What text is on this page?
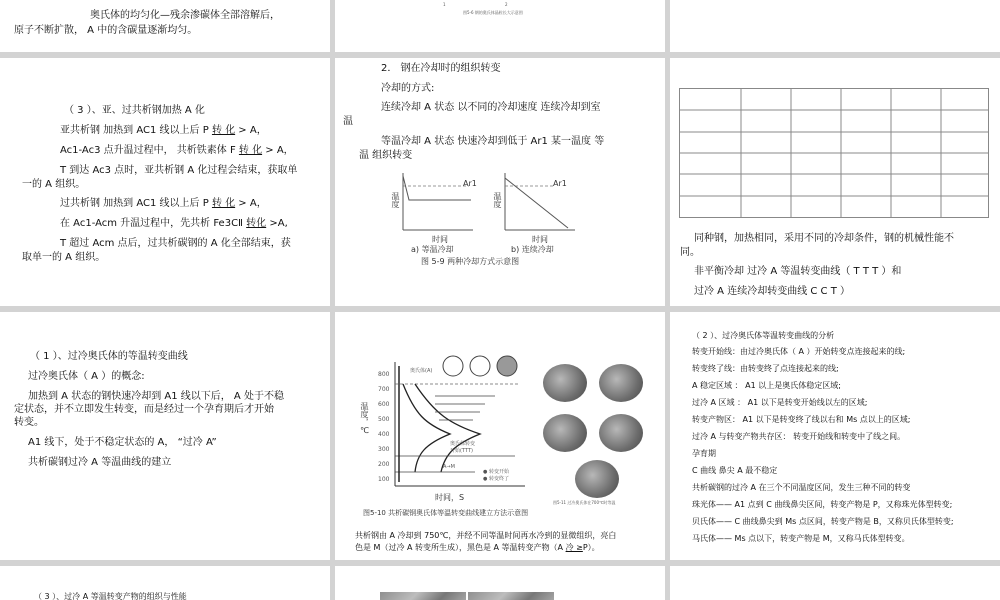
奥氏体的均匀化—残余渗碳体全部溶解后，
原子不断扩散， A 中的含碳量逐渐均匀。
1	2
图5-6 钢的奥氏体晶粒长大示意图
（ 3 ）、亚、过共析钢加热 A 化
亚共析钢 加热到 AC1 线以上后 P 转 化 > A，
Ac1-Ac3 点升温过程中， 共析铁素体 F 转 化 > A，
T 到达 Ac3 点时，亚共析钢 A 化过程会结束，获取单
一的 A 组织。
过共析钢 加热到 AC1 线以上后 P 转 化 > A，
在 Ac1-Acm 升温过程中，先共析 Fe3CⅡ 转化 >A,
T 超过 Acm 点后，过共析碳钢的 A 化全部结束，获
取单一的 A 组织。
2． 钢在冷却时的组织转变
冷却的方式:
连续冷却 A 状态 以不同的冷却速度 连续冷却到室
温
等温冷却 A 状态 快速冷却到低于 Ar1 某一温度 等
温 组织转变
Ar1	Ar1
温度	温度
时间	时间
a) 等温冷却	b) 连续冷却
图 5-9 两种冷却方式示意图
同种钢，加热相同，采用不同的冷却条件，钢的机械性能不
同。
非平衡冷却 过冷 A 等温转变曲线（ T T T ）和
过冷 A 连续冷却转变曲线 C C T ）
（ 1 ）、过冷奥氏体的等温转变曲线
过冷奥氏体（ A ）的概念:
加热到 A 状态的钢快速冷却到 A1 线以下后， A 处于不稳
定状态，并不立即发生转变，而是经过一个孕育期后才开始
转变。
A1 线下，处于不稳定状态的 A， “过冷 A”
共析碳钢过冷 A 等温曲线的建立
温度，℃
800
700
600
500
400
300
200
100
奥氏体(A)
奥氏体转变
开始(TTT)
A→M
● 转变开始
● 转变终了
时间，S
图5-10 共析碳钢奥氏体等温转变曲线建立方法示意图
图5-11 过冷奥氏体在700℃时等温
共析钢由 A 冷却到 750℃，并经不同等温时间再水冷到的显微组织，亮白
色是 M（过冷 A 转变所生成），黑色是 A 等温转变产物（A 冷 ≥P）。
（ 2 ）、过冷奥氏体等温转变曲线的分析
转变开始线：由过冷奥氏体（ A ）开始转变点连接起来的线;
转变终了线：由转变终了点连接起来的线;
A 稳定区域 ： A1 以上是奥氏体稳定区域;
过冷 A 区域 ： A1 以下是转变开始线以左的区域;
转变产物区： A1 以下是转变终了线以右和 Ms 点以上的区域;
过冷 A 与转变产物共存区： 转变开始线和转变中了线之间。
孕育期
C 曲线 鼻尖 A 最不稳定
共析碳钢的过冷 A 在三个不同温度区间，发生三种不同的转变
珠光体—— A1 点到 C 曲线鼻尖区间，转变产物是 P，又称珠光体型转变;
贝氏体—— C 曲线鼻尖到 Ms 点区间，转变产物是 B，又称贝氏体型转变;
马氏体—— Ms 点以下，转变产物是 M，又称马氏体型转变。
（ 3 ）、过冷 A 等温转变产物的组织与性能
